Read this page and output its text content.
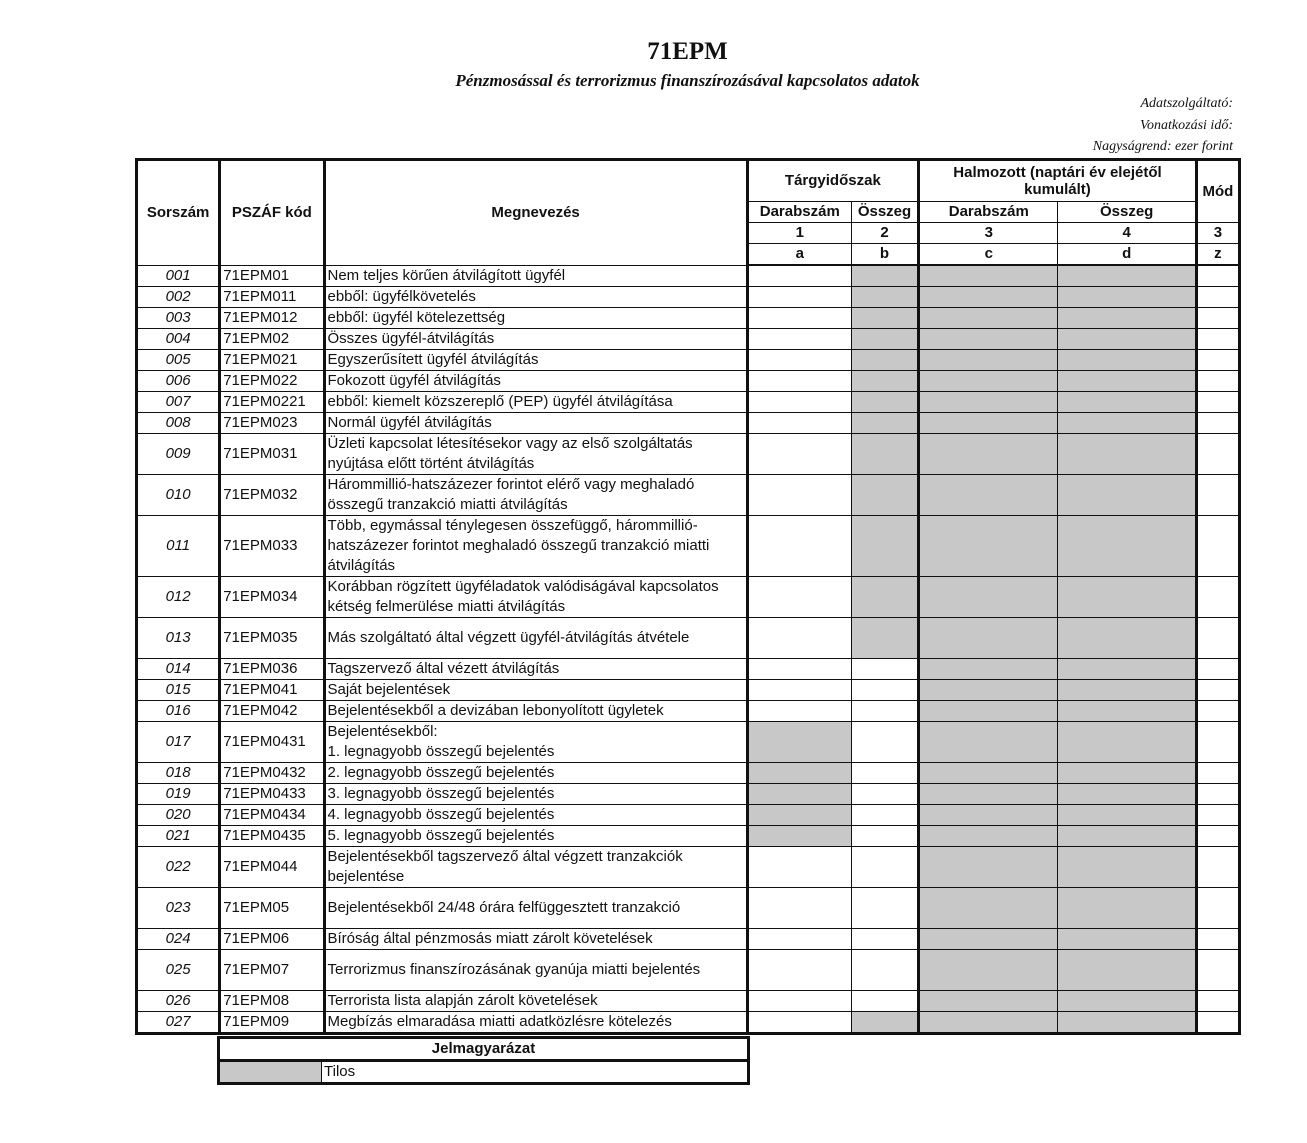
71EPM
Pénzmosással és terrorizmus finanszírozásával kapcsolatos adatok
Adatszolgáltató:
Vonatkozási idő:
Nagyságrend: ezer forint
Sorszám	PSZÁF kód	Megnevezés	Tárgyidőszak		Halmozott (naptári év elejétől kumulált)		Mód
			Darabszám	Összeg	Darabszám	Összeg	
			1	2	3	4	3
			a	b	c	d	z
001	71EPM01	Nem teljes körűen átvilágított ügyfél					
002	71EPM011	ebből: ügyfélkövetelés					
003	71EPM012	ebből: ügyfél kötelezettség					
004	71EPM02	Összes ügyfél-átvilágítás					
005	71EPM021	Egyszerűsített ügyfél átvilágítás					
006	71EPM022	Fokozott ügyfél átvilágítás					
007	71EPM0221	ebből: kiemelt közszereplő (PEP) ügyfél átvilágítása					
008	71EPM023	Normál ügyfél átvilágítás					
009	71EPM031	Üzleti kapcsolat létesítésekor vagy az első szolgáltatás nyújtása előtt történt átvilágítás					
010	71EPM032	Hárommillió-hatszázezer forintot elérő vagy meghaladó összegű tranzakció miatti átvilágítás					
011	71EPM033	Több, egymással ténylegesen összefüggő, hárommillió-hatszázezer forintot meghaladó összegű tranzakció miatti átvilágítás					
012	71EPM034	Korábban rögzített ügyféladatok valódiságával kapcsolatos kétség felmerülése miatti átvilágítás					
013	71EPM035	Más szolgáltató által végzett ügyfél-átvilágítás átvétele					
014	71EPM036	Tagszervező által vézett átvilágítás					
015	71EPM041	Saját bejelentések					
016	71EPM042	Bejelentésekből a devizában lebonyolított ügyletek					
017	71EPM0431	Bejelentésekből:
1. legnagyobb összegű bejelentés					
018	71EPM0432	2. legnagyobb összegű bejelentés					
019	71EPM0433	3. legnagyobb összegű bejelentés					
020	71EPM0434	4. legnagyobb összegű bejelentés					
021	71EPM0435	5. legnagyobb összegű bejelentés					
022	71EPM044	Bejelentésekből tagszervező által végzett tranzakciók bejelentése					
023	71EPM05	Bejelentésekből 24/48 órára felfüggesztett tranzakció					
024	71EPM06	Bíróság által pénzmosás miatt zárolt követelések					
025	71EPM07	Terrorizmus finanszírozásának gyanúja miatti bejelentés					
026	71EPM08	Terrorista lista alapján zárolt követelések					
027	71EPM09	Megbízás elmaradása miatti adatközlésre kötelezés					
Jelmagyarázat
	Tilos
